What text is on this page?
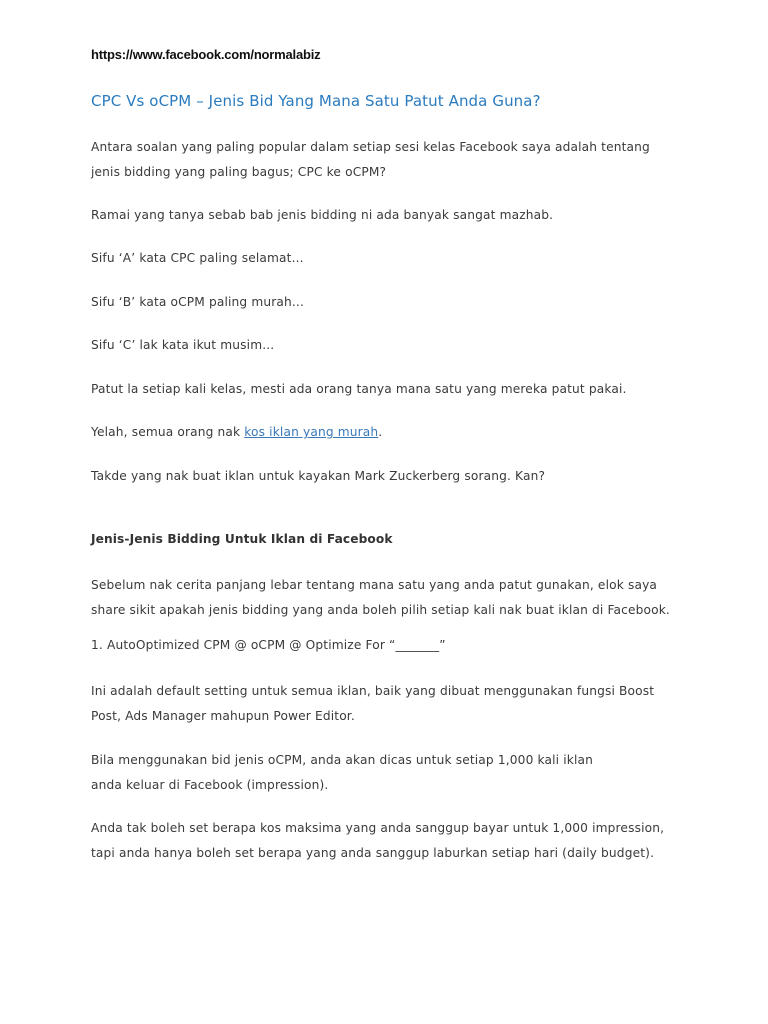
https://www.facebook.com/normalabiz
CPC Vs oCPM – Jenis Bid Yang Mana Satu Patut Anda Guna?
Antara soalan yang paling popular dalam setiap sesi kelas Facebook saya adalah tentang
jenis bidding yang paling bagus; CPC ke oCPM?
Ramai yang tanya sebab bab jenis bidding ni ada banyak sangat mazhab.
Sifu ‘A’ kata CPC paling selamat...
Sifu ‘B’ kata oCPM paling murah...
Sifu ‘C’ lak kata ikut musim...
Patut la setiap kali kelas, mesti ada orang tanya mana satu yang mereka patut pakai.
Yelah, semua orang nak kos iklan yang murah.
Takde yang nak buat iklan untuk kayakan Mark Zuckerberg sorang. Kan?
Jenis-Jenis Bidding Untuk Iklan di Facebook
Sebelum nak cerita panjang lebar tentang mana satu yang anda patut gunakan, elok saya
share sikit apakah jenis bidding yang anda boleh pilih setiap kali nak buat iklan di Facebook.
1. AutoOptimized CPM @ oCPM @ Optimize For “_______”
Ini adalah default setting untuk semua iklan, baik yang dibuat menggunakan fungsi Boost
Post, Ads Manager mahupun Power Editor.
Bila menggunakan bid jenis oCPM, anda akan dicas untuk setiap 1,000 kali iklan
anda keluar di Facebook (impression).
Anda tak boleh set berapa kos maksima yang anda sanggup bayar untuk 1,000 impression,
tapi anda hanya boleh set berapa yang anda sanggup laburkan setiap hari (daily budget).
